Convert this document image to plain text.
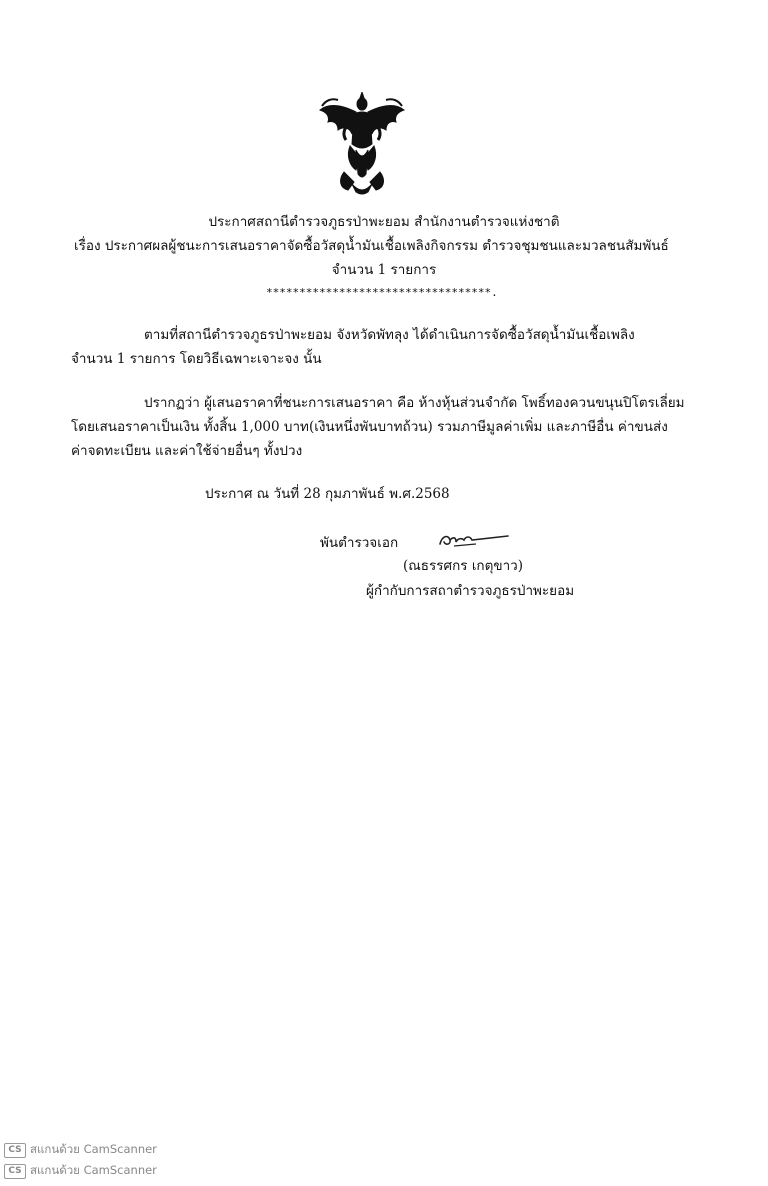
ประกาศสถานีตำรวจภูธรป่าพะยอม สำนักงานตำรวจแห่งชาติ
เรื่อง ประกาศผลผู้ชนะการเสนอราคาจัดซื้อวัสดุน้ำมันเชื้อเพลิงกิจกรรม ตำรวจชุมชนและมวลชนสัมพันธ์
จำนวน 1 รายการ
**********************************.
ตามที่สถานีตำรวจภูธรป่าพะยอม จังหวัดพัทลุง ได้ดำเนินการจัดซื้อวัสดุน้ำมันเชื้อเพลิง
จำนวน 1 รายการ โดยวิธีเฉพาะเจาะจง นั้น
ปรากฏว่า ผู้เสนอราคาที่ชนะการเสนอราคา คือ ห้างหุ้นส่วนจำกัด โพธิ์ทองควนขนุนปิโตรเลี่ยม
โดยเสนอราคาเป็นเงิน ทั้งสิ้น 1,000 บาท(เงินหนึ่งพันบาทถ้วน) รวมภาษีมูลค่าเพิ่ม และภาษีอื่น ค่าขนส่ง
ค่าจดทะเบียน และค่าใช้จ่ายอื่นๆ ทั้งปวง
ประกาศ ณ วันที่ 28 กุมภาพันธ์ พ.ศ.2568
พันตำรวจเอก
(ณธรรศกร เกตุขาว)
ผู้กำกับการสถาตำรวจภูธรป่าพะยอม
CS สแกนด้วย CamScanner
CS สแกนด้วย CamScanner
